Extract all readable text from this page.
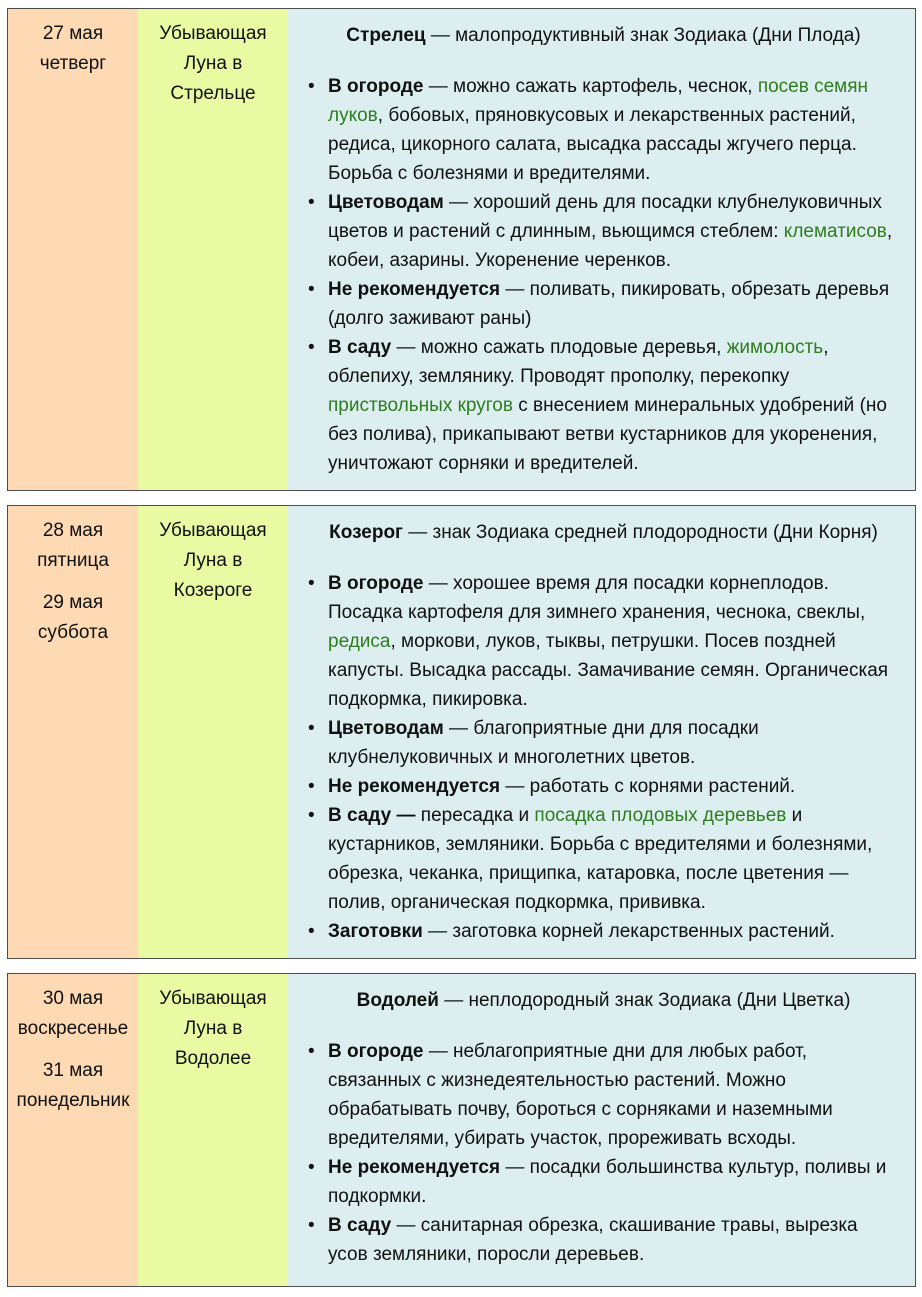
27 мая четверг

Убывающая Луна в Стрельце

Стрелец — малопродуктивный знак Зодиака (Дни Плода)

• В огороде — можно сажать картофель, чеснок, посев семян луков, бобовых, пряновкусовых и лекарственных растений, редиса, цикорного салата, высадка рассады жгучего перца. Борьба с болезнями и вредителями.
• Цветоводам — хороший день для посадки клубнелуковичных цветов и растений с длинным, вьющимся стеблем: клематисов, кобеи, азарины. Укоренение черенков.
• Не рекомендуется — поливать, пикировать, обрезать деревья (долго заживают раны)
• В саду — можно сажать плодовые деревья, жимолость, облепиху, землянику. Проводят прополку, перекопку приствольных кругов с внесением минеральных удобрений (но без полива), прикапывают ветви кустарников для укоренения, уничтожают сорняки и вредителей.

28 мая пятница

29 мая суббота

Убывающая Луна в Козероге

Козерог — знак Зодиака средней плодородности (Дни Корня)

• В огороде — хорошее время для посадки корнеплодов. Посадка картофеля для зимнего хранения, чеснока, свеклы, редиса, моркови, луков, тыквы, петрушки. Посев поздней капусты. Высадка рассады. Замачивание семян. Органическая подкормка, пикировка.
• Цветоводам — благоприятные дни для посадки клубнелуковичных и многолетних цветов.
• Не рекомендуется — работать с корнями растений.
• В саду — пересадка и посадка плодовых деревьев и кустарников, земляники. Борьба с вредителями и болезнями, обрезка, чеканка, прищипка, катаровка, после цветения — полив, органическая подкормка, прививка.
• Заготовки — заготовка корней лекарственных растений.

30 мая воскресенье

31 мая понедельник

Убывающая Луна в Водолее

Водолей — неплодородный знак Зодиака (Дни Цветка)

• В огороде — неблагоприятные дни для любых работ, связанных с жизнедеятельностью растений. Можно обрабатывать почву, бороться с сорняками и наземными вредителями, убирать участок, прореживать всходы.
• Не рекомендуется — посадки большинства культур, поливы и подкормки.
• В саду — санитарная обрезка, скашивание травы, вырезка усов земляники, поросли деревьев.
